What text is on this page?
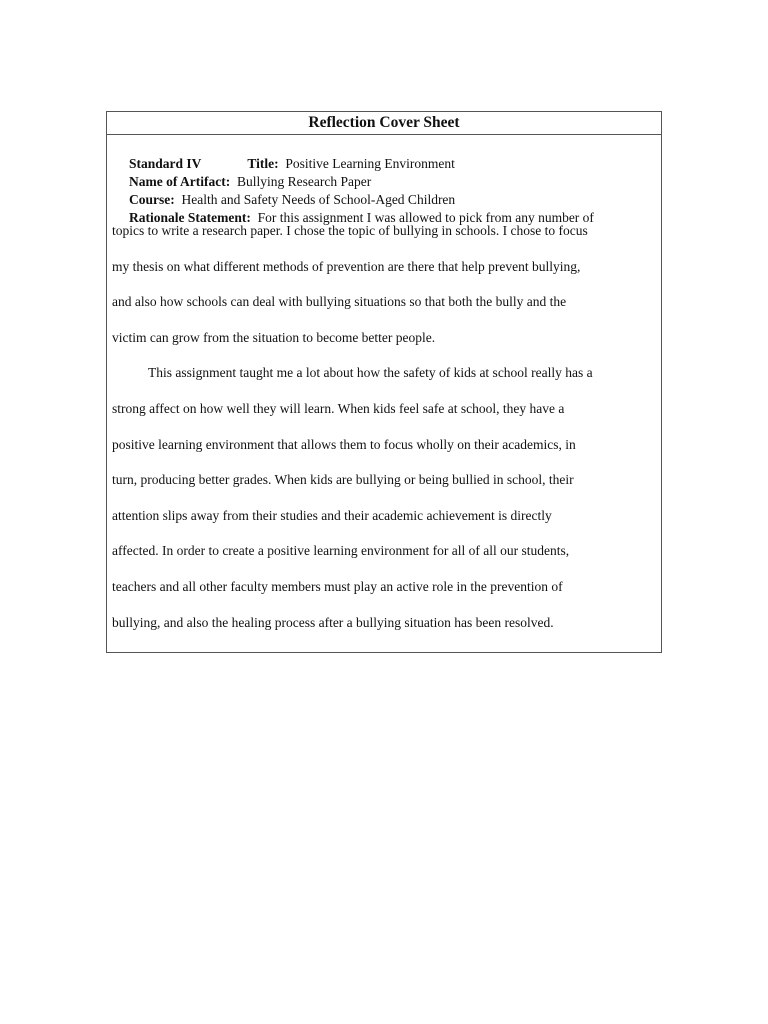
Reflection Cover Sheet
Standard IV	Title: Positive Learning Environment
Name of Artifact: Bullying Research Paper
Course: Health and Safety Needs of School-Aged Children
Rationale Statement: For this assignment I was allowed to pick from any number of

topics to write a research paper. I chose the topic of bullying in schools. I chose to focus
my thesis on what different methods of prevention are there that help prevent bullying,
and also how schools can deal with bullying situations so that both the bully and the
victim can grow from the situation to become better people.

This assignment taught me a lot about how the safety of kids at school really has a
strong affect on how well they will learn. When kids feel safe at school, they have a
positive learning environment that allows them to focus wholly on their academics, in
turn, producing better grades. When kids are bullying or being bullied in school, their
attention slips away from their studies and their academic achievement is directly
affected. In order to create a positive learning environment for all of all our students,
teachers and all other faculty members must play an active role in the prevention of
bullying, and also the healing process after a bullying situation has been resolved.
